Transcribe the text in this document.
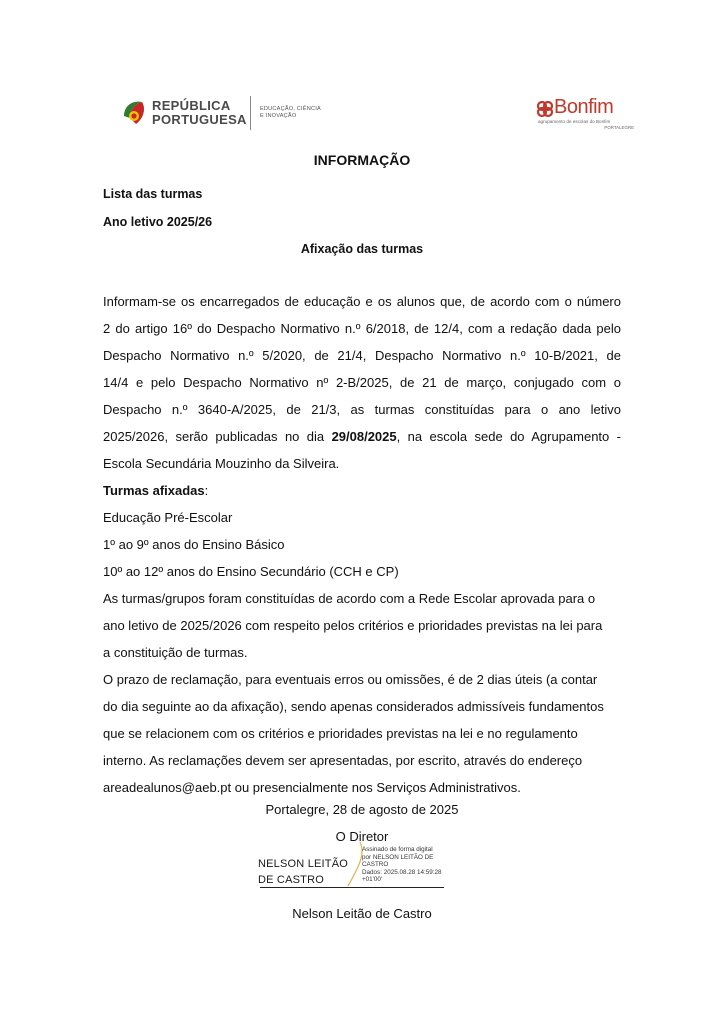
REPÚBLICA
PORTUGUESA
EDUCAÇÃO, CIÊNCIA
E INOVAÇÃO	Bonfim
agrupamento de escolas do Bonfim
PORTALEGRE
INFORMAÇÃO
Lista das turmas
Ano letivo 2025/26
Afixação das turmas
Informam-se os encarregados de educação e os alunos que, de acordo com o número
2 do artigo 16º do Despacho Normativo n.º 6/2018, de 12/4, com a redação dada pelo
Despacho Normativo n.º 5/2020, de 21/4, Despacho Normativo n.º 10-B/2021, de
14/4 e pelo Despacho Normativo nº 2-B/2025, de 21 de março, conjugado com o
Despacho n.º 3640-A/2025, de 21/3, as turmas constituídas para o ano letivo
2025/2026, serão publicadas no dia 29/08/2025, na escola sede do Agrupamento -
Escola Secundária Mouzinho da Silveira.
Turmas afixadas:
Educação Pré-Escolar
1º ao 9º anos do Ensino Básico
10º ao 12º anos do Ensino Secundário (CCH e CP)
As turmas/grupos foram constituídas de acordo com a Rede Escolar aprovada para o
ano letivo de 2025/2026 com respeito pelos critérios e prioridades previstas na lei para
a constituição de turmas.
O prazo de reclamação, para eventuais erros ou omissões, é de 2 dias úteis (a contar
do dia seguinte ao da afixação), sendo apenas considerados admissíveis fundamentos
que se relacionem com os critérios e prioridades previstas na lei e no regulamento
interno. As reclamações devem ser apresentadas, por escrito, através do endereço
areadealunos@aeb.pt ou presencialmente nos Serviços Administrativos.
Portalegre, 28 de agosto de 2025
O Diretor
NELSON LEITÃO
DE CASTRO
Assinado de forma digital
por NELSON LEITÃO DE
CASTRO
Dados: 2025.08.28 14:59:28
+01'00'
Nelson Leitão de Castro
